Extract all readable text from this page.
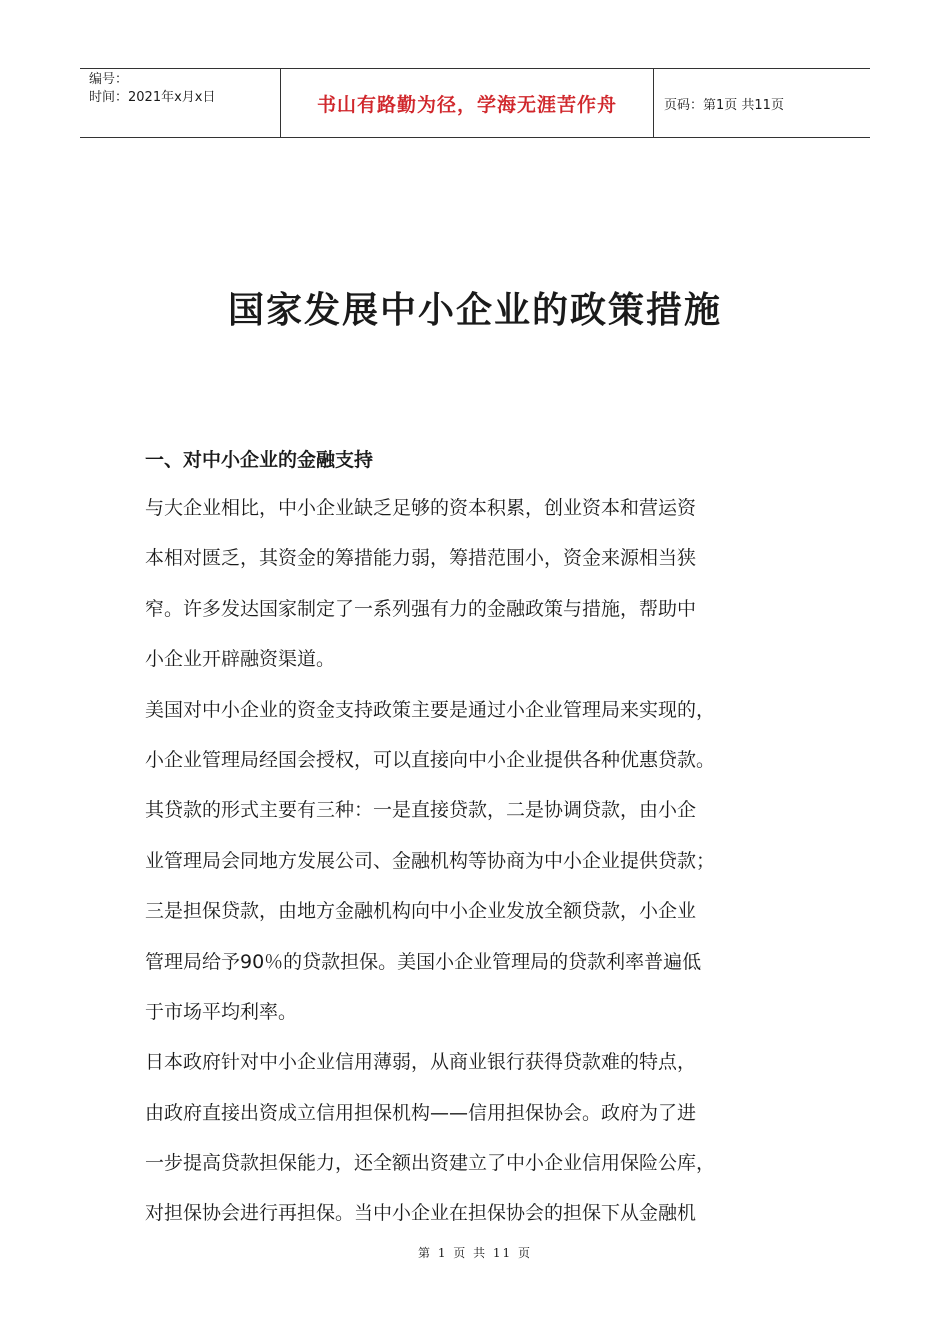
编号：
时间：2021年x月x日	书山有路勤为径，学海无涯苦作舟	页码：第1页 共11页
国家发展中小企业的政策措施
一、对中小企业的金融支持
与大企业相比，中小企业缺乏足够的资本积累，创业资本和营运资
本相对匮乏，其资金的筹措能力弱，筹措范围小，资金来源相当狭
窄。许多发达国家制定了一系列强有力的金融政策与措施，帮助中
小企业开辟融资渠道。
美国对中小企业的资金支持政策主要是通过小企业管理局来实现的，
小企业管理局经国会授权，可以直接向中小企业提供各种优惠贷款。
其贷款的形式主要有三种：一是直接贷款，二是协调贷款，由小企
业管理局会同地方发展公司、金融机构等协商为中小企业提供贷款；
三是担保贷款，由地方金融机构向中小企业发放全额贷款，小企业
管理局给予90％的贷款担保。美国小企业管理局的贷款利率普遍低
于市场平均利率。
日本政府针对中小企业信用薄弱，从商业银行获得贷款难的特点，
由政府直接出资成立信用担保机构——信用担保协会。政府为了进
一步提高贷款担保能力，还全额出资建立了中小企业信用保险公库，
对担保协会进行再担保。当中小企业在担保协会的担保下从金融机
第 1 页 共 11 页
